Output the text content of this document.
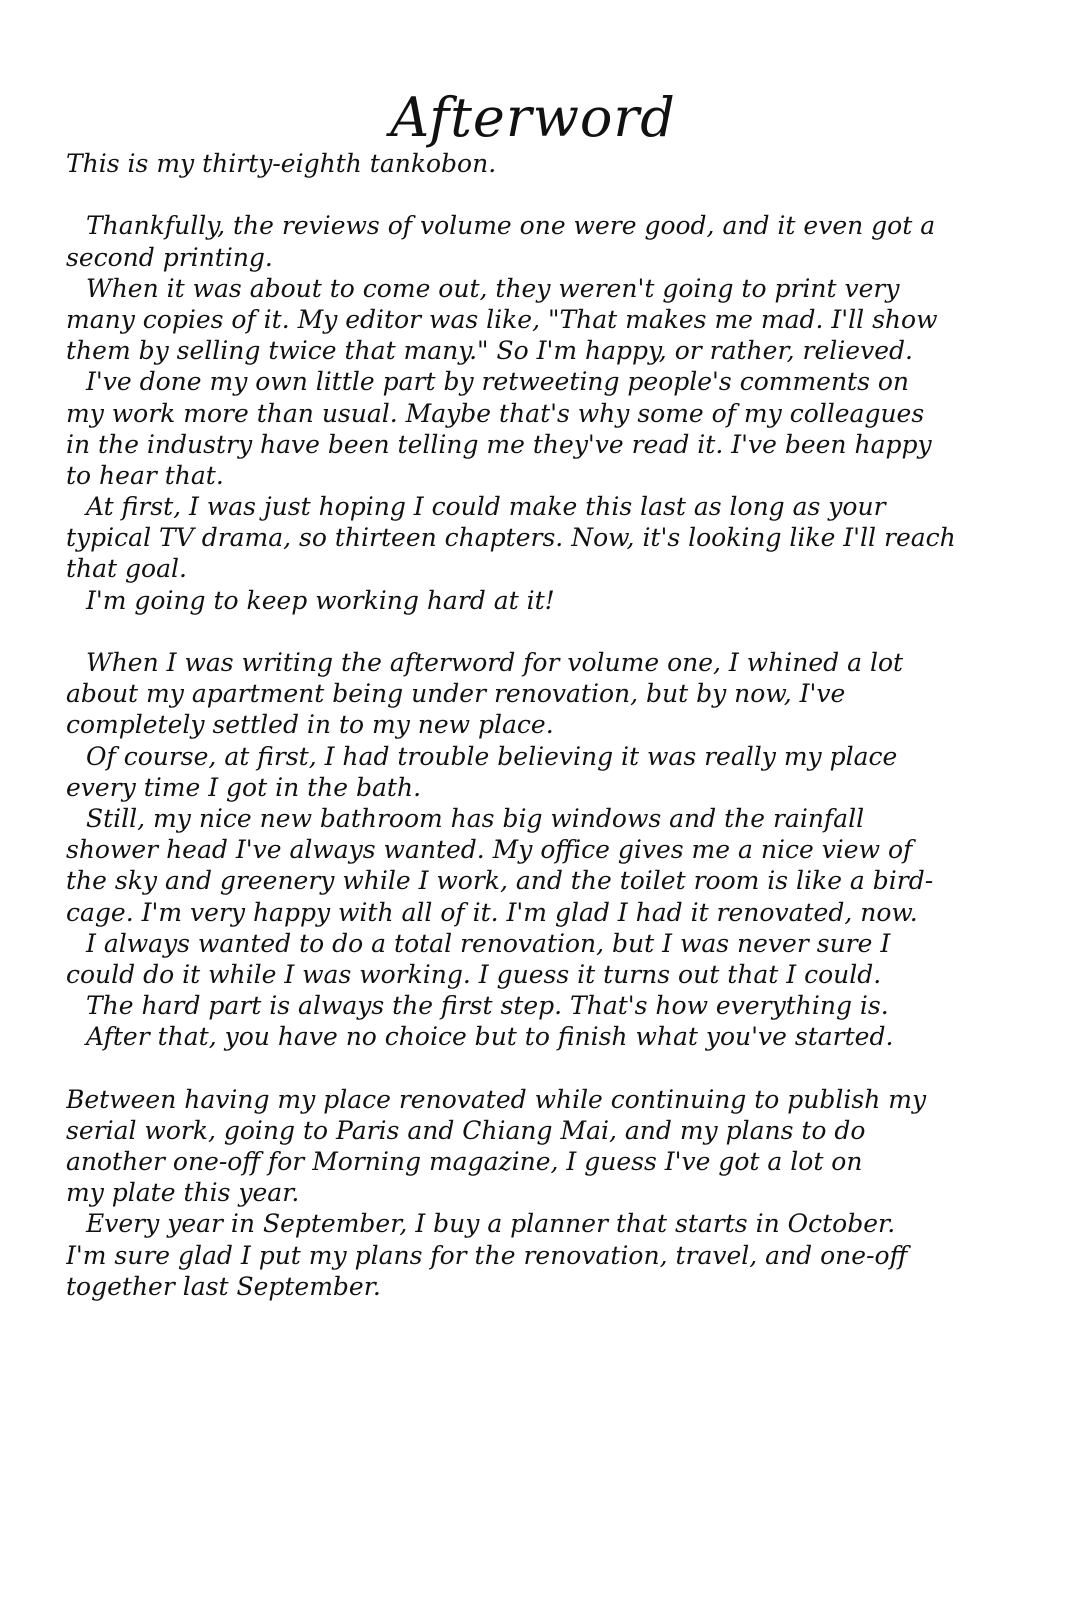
Afterword
This is my thirty-eighth tankobon.
Thankfully, the reviews of volume one were good, and it even got a
second printing.
When it was about to come out, they weren't going to print very
many copies of it. My editor was like, "That makes me mad. I'll show
them by selling twice that many." So I'm happy, or rather, relieved.
I've done my own little part by retweeting people's comments on
my work more than usual. Maybe that's why some of my colleagues
in the industry have been telling me they've read it. I've been happy
to hear that.
At first, I was just hoping I could make this last as long as your
typical TV drama, so thirteen chapters. Now, it's looking like I'll reach
that goal.
I'm going to keep working hard at it!
When I was writing the afterword for volume one, I whined a lot
about my apartment being under renovation, but by now, I've
completely settled in to my new place.
Of course, at first, I had trouble believing it was really my place
every time I got in the bath.
Still, my nice new bathroom has big windows and the rainfall
shower head I've always wanted. My office gives me a nice view of
the sky and greenery while I work, and the toilet room is like a bird-
cage. I'm very happy with all of it. I'm glad I had it renovated, now.
I always wanted to do a total renovation, but I was never sure I
could do it while I was working. I guess it turns out that I could.
The hard part is always the first step. That's how everything is.
After that, you have no choice but to finish what you've started.
Between having my place renovated while continuing to publish my
serial work, going to Paris and Chiang Mai, and my plans to do
another one-off for Morning magazine, I guess I've got a lot on
my plate this year.
Every year in September, I buy a planner that starts in October.
I'm sure glad I put my plans for the renovation, travel, and one-off
together last September.
